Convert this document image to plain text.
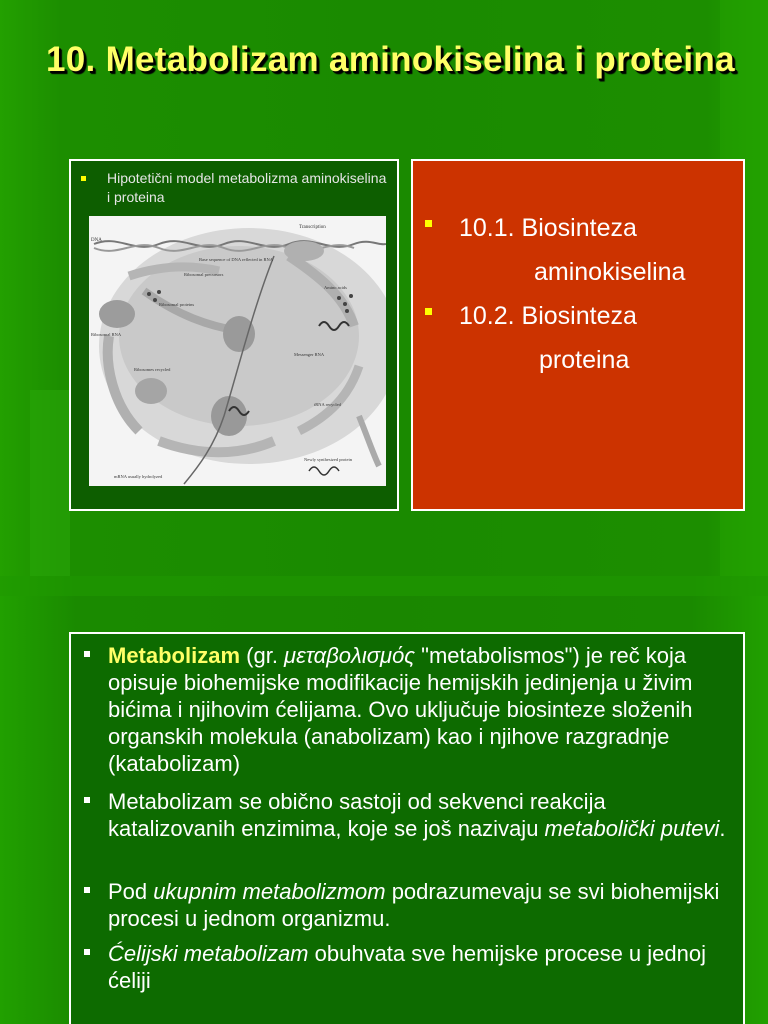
10. Metabolizam aminokiselina i proteina
Hipotetični model metabolizma aminokiselina i proteina
Transcription
DNA
Base sequence of DNA reflected in RNA
Ribosomal RNA
Ribosomal proteins
Amino acids
Messenger RNA
Ribosomal precursors
Ribosomes recycled
tRNA recycled
mRNA usually hydrolyzed
Newly synthesized protein
10.1. Biosinteza
aminokiselina
10.2. Biosinteza
proteina
Metabolizam (gr. μεταβολισμός "metabolismos") je reč koja opisuje biohemijske modifikacije hemijskih jedinjenja u živim bićima i njihovim ćelijama. Ovo uključuje biosinteze složenih organskih molekula (anabolizam) kao i njihove razgradnje (katabolizam)
Metabolizam se obično sastoji od sekvenci reakcija katalizovanih enzimima, koje se još nazivaju metabolički putevi.
Pod ukupnim metabolizmom podrazumevaju se svi biohemijski procesi u jednom organizmu.
Ćelijski metabolizam obuhvata sve hemijske procese u jednoj ćeliji
